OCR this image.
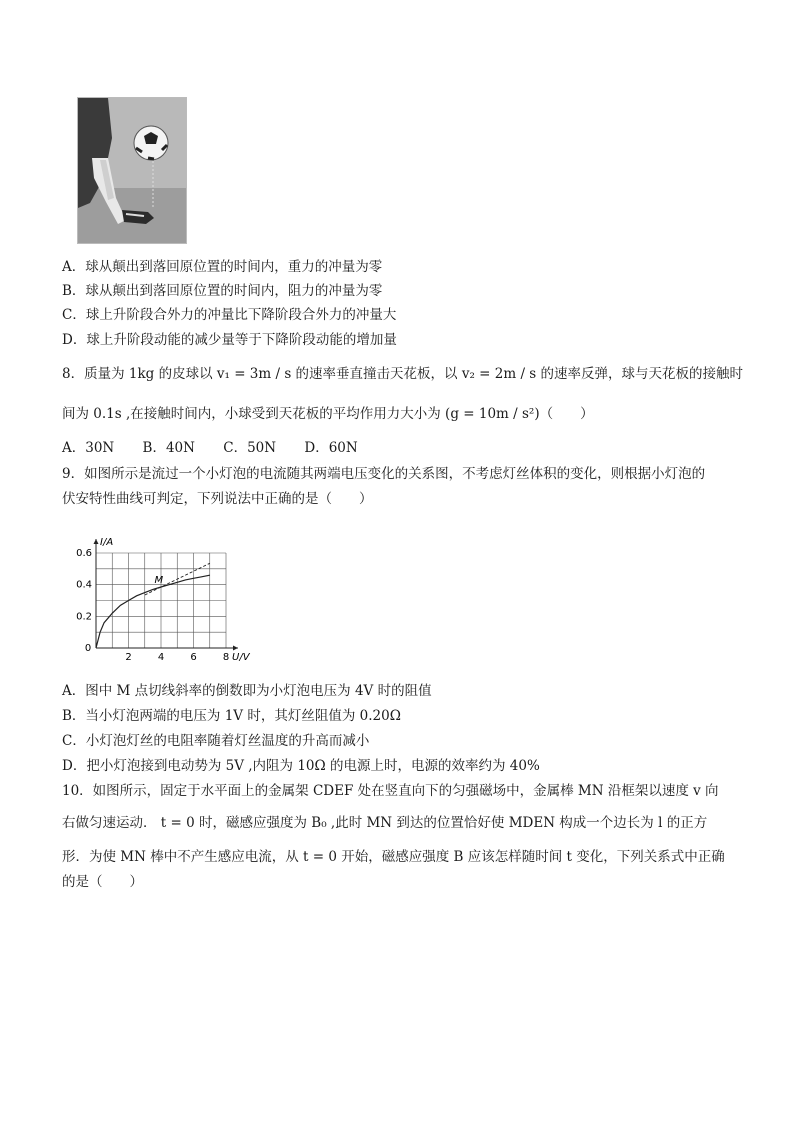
A．球从颠出到落回原位置的时间内，重力的冲量为零
B．球从颠出到落回原位置的时间内，阻力的冲量为零
C．球上升阶段合外力的冲量比下降阶段合外力的冲量大
D．球上升阶段动能的减少量等于下降阶段动能的增加量
8．质量为 1kg 的皮球以 v₁ = 3m / s 的速率垂直撞击天花板，以 v₂ = 2m / s 的速率反弹，球与天花板的接触时
间为 0.1s ,在接触时间内，小球受到天花板的平均作用力大小为 (g = 10m / s²)（　　）
A．30N B．40N C．50N D．60N
9．如图所示是流过一个小灯泡的电流随其两端电压变化的关系图，不考虑灯丝体积的变化，则根据小灯泡的
伏安特性曲线可判定，下列说法中正确的是（　　）
2	4	6	8
0
0.2
0.4
0.6
I/A
U/V
M
A．图中 M 点切线斜率的倒数即为小灯泡电压为 4V 时的阻值
B．当小灯泡两端的电压为 1V 时，其灯丝阻值为 0.20Ω
C．小灯泡灯丝的电阻率随着灯丝温度的升高而减小
D．把小灯泡接到电动势为 5V ,内阻为 10Ω 的电源上时，电源的效率约为 40%
10．如图所示，固定于水平面上的金属架 CDEF 处在竖直向下的匀强磁场中，金属棒 MN 沿框架以速度 v 向
右做匀速运动． t = 0 时，磁感应强度为 B₀ ,此时 MN 到达的位置恰好使 MDEN 构成一个边长为 l 的正方
形．为使 MN 棒中不产生感应电流，从 t = 0 开始，磁感应强度 B 应该怎样随时间 t 变化，下列关系式中正确
的是（　　）
